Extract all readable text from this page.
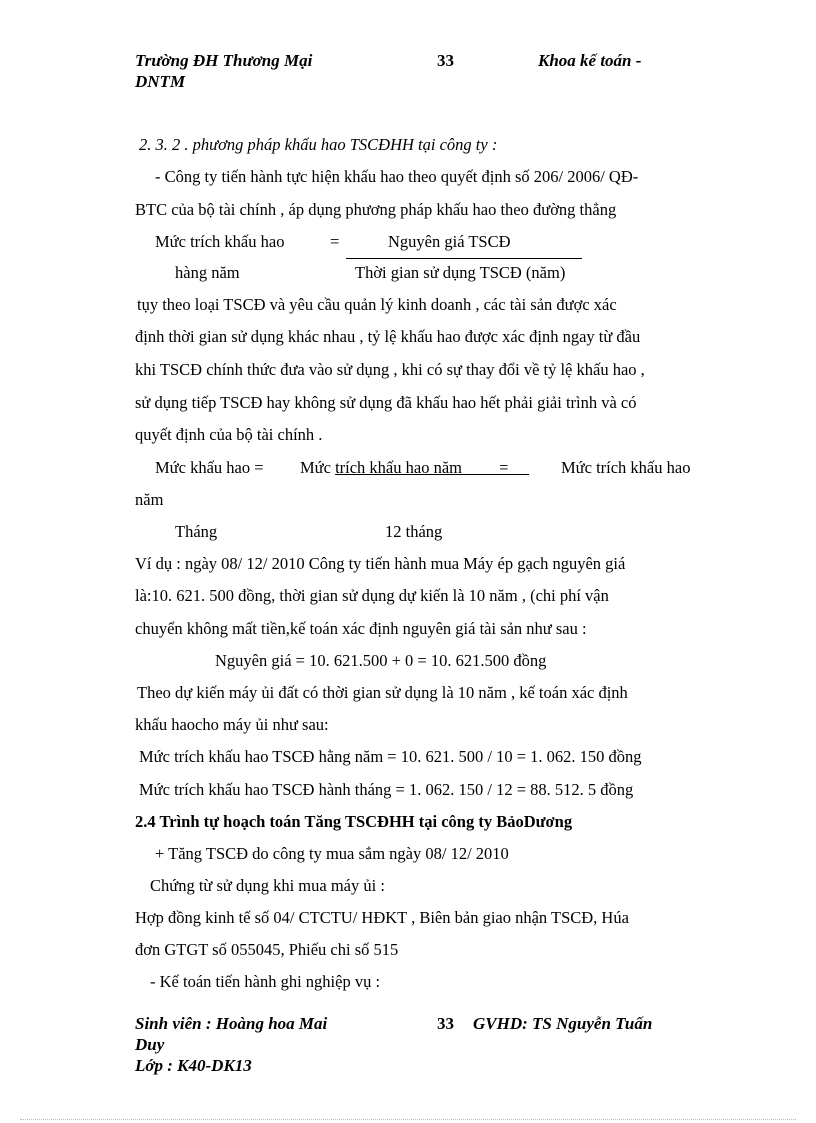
Trường ĐH Thương Mại
DNTM
33	Khoa kế toán -
2. 3. 2 . phương pháp khấu hao TSCĐHH tại công ty :
- Công ty tiến hành tực hiện khấu hao theo quyết định số 206/ 2006/ QĐ-
BTC của bộ tài chính , áp dụng phương pháp khấu hao theo đường thẳng
Mức trích khấu hao	=	Nguyên giá TSCĐ
hàng năm	Thời gian sử dụng TSCĐ (năm)
tụy theo loại TSCĐ và yêu cầu quản lý kinh doanh , các tài sản được xác
định thời gian sử dụng khác nhau , tỷ lệ khấu hao được xác định ngay từ đầu
khi TSCĐ chính thức đưa vào sử dụng , khi có sự thay đổi về tỷ lệ khấu hao ,
sử dụng tiếp TSCĐ hay không sử dụng đã khấu hao hết phải giải trình và có
quyết định của bộ tài chính .
Mức khấu hao = Mức trích khấu hao năm         = Mức trích khấu hao
năm
Tháng	12 tháng
Ví dụ : ngày 08/ 12/ 2010 Công ty tiến hành mua Máy ép gạch nguyên giá
là:10. 621. 500 đồng, thời gian sử dụng dự kiến là 10 năm , (chi phí vận
chuyển không mất tiền,kế toán xác định nguyên giá tài sản như sau :
Nguyên giá = 10. 621.500 + 0 = 10. 621.500 đồng
Theo dự kiến máy ủi đất có thời gian sử dụng là 10 năm , kế toán xác định
khấu haocho máy ủi như sau:
Mức trích khấu hao TSCĐ hằng năm = 10. 621. 500 / 10 = 1. 062. 150 đồng
Mức trích khấu hao TSCĐ hành tháng = 1. 062. 150 / 12 = 88. 512. 5 đồng
2.4 Trình tự hoạch toán Tăng TSCĐHH tại công ty BảoDương
+ Tăng TSCĐ do công ty mua sắm ngày 08/ 12/ 2010
Chứng từ sử dụng khi mua máy ủi :
Hợp đồng kinh tế số 04/ CTCTU/ HĐKT , Biên bản giao nhận TSCĐ, Húa
đơn GTGT số 055045, Phiếu chi số 515
- Kế toán tiến hành ghi nghiệp vụ :
Sinh viên : Hoàng hoa Mai
Duy
Lớp : K40-DK13
33 GVHD: TS Nguyễn Tuấn
